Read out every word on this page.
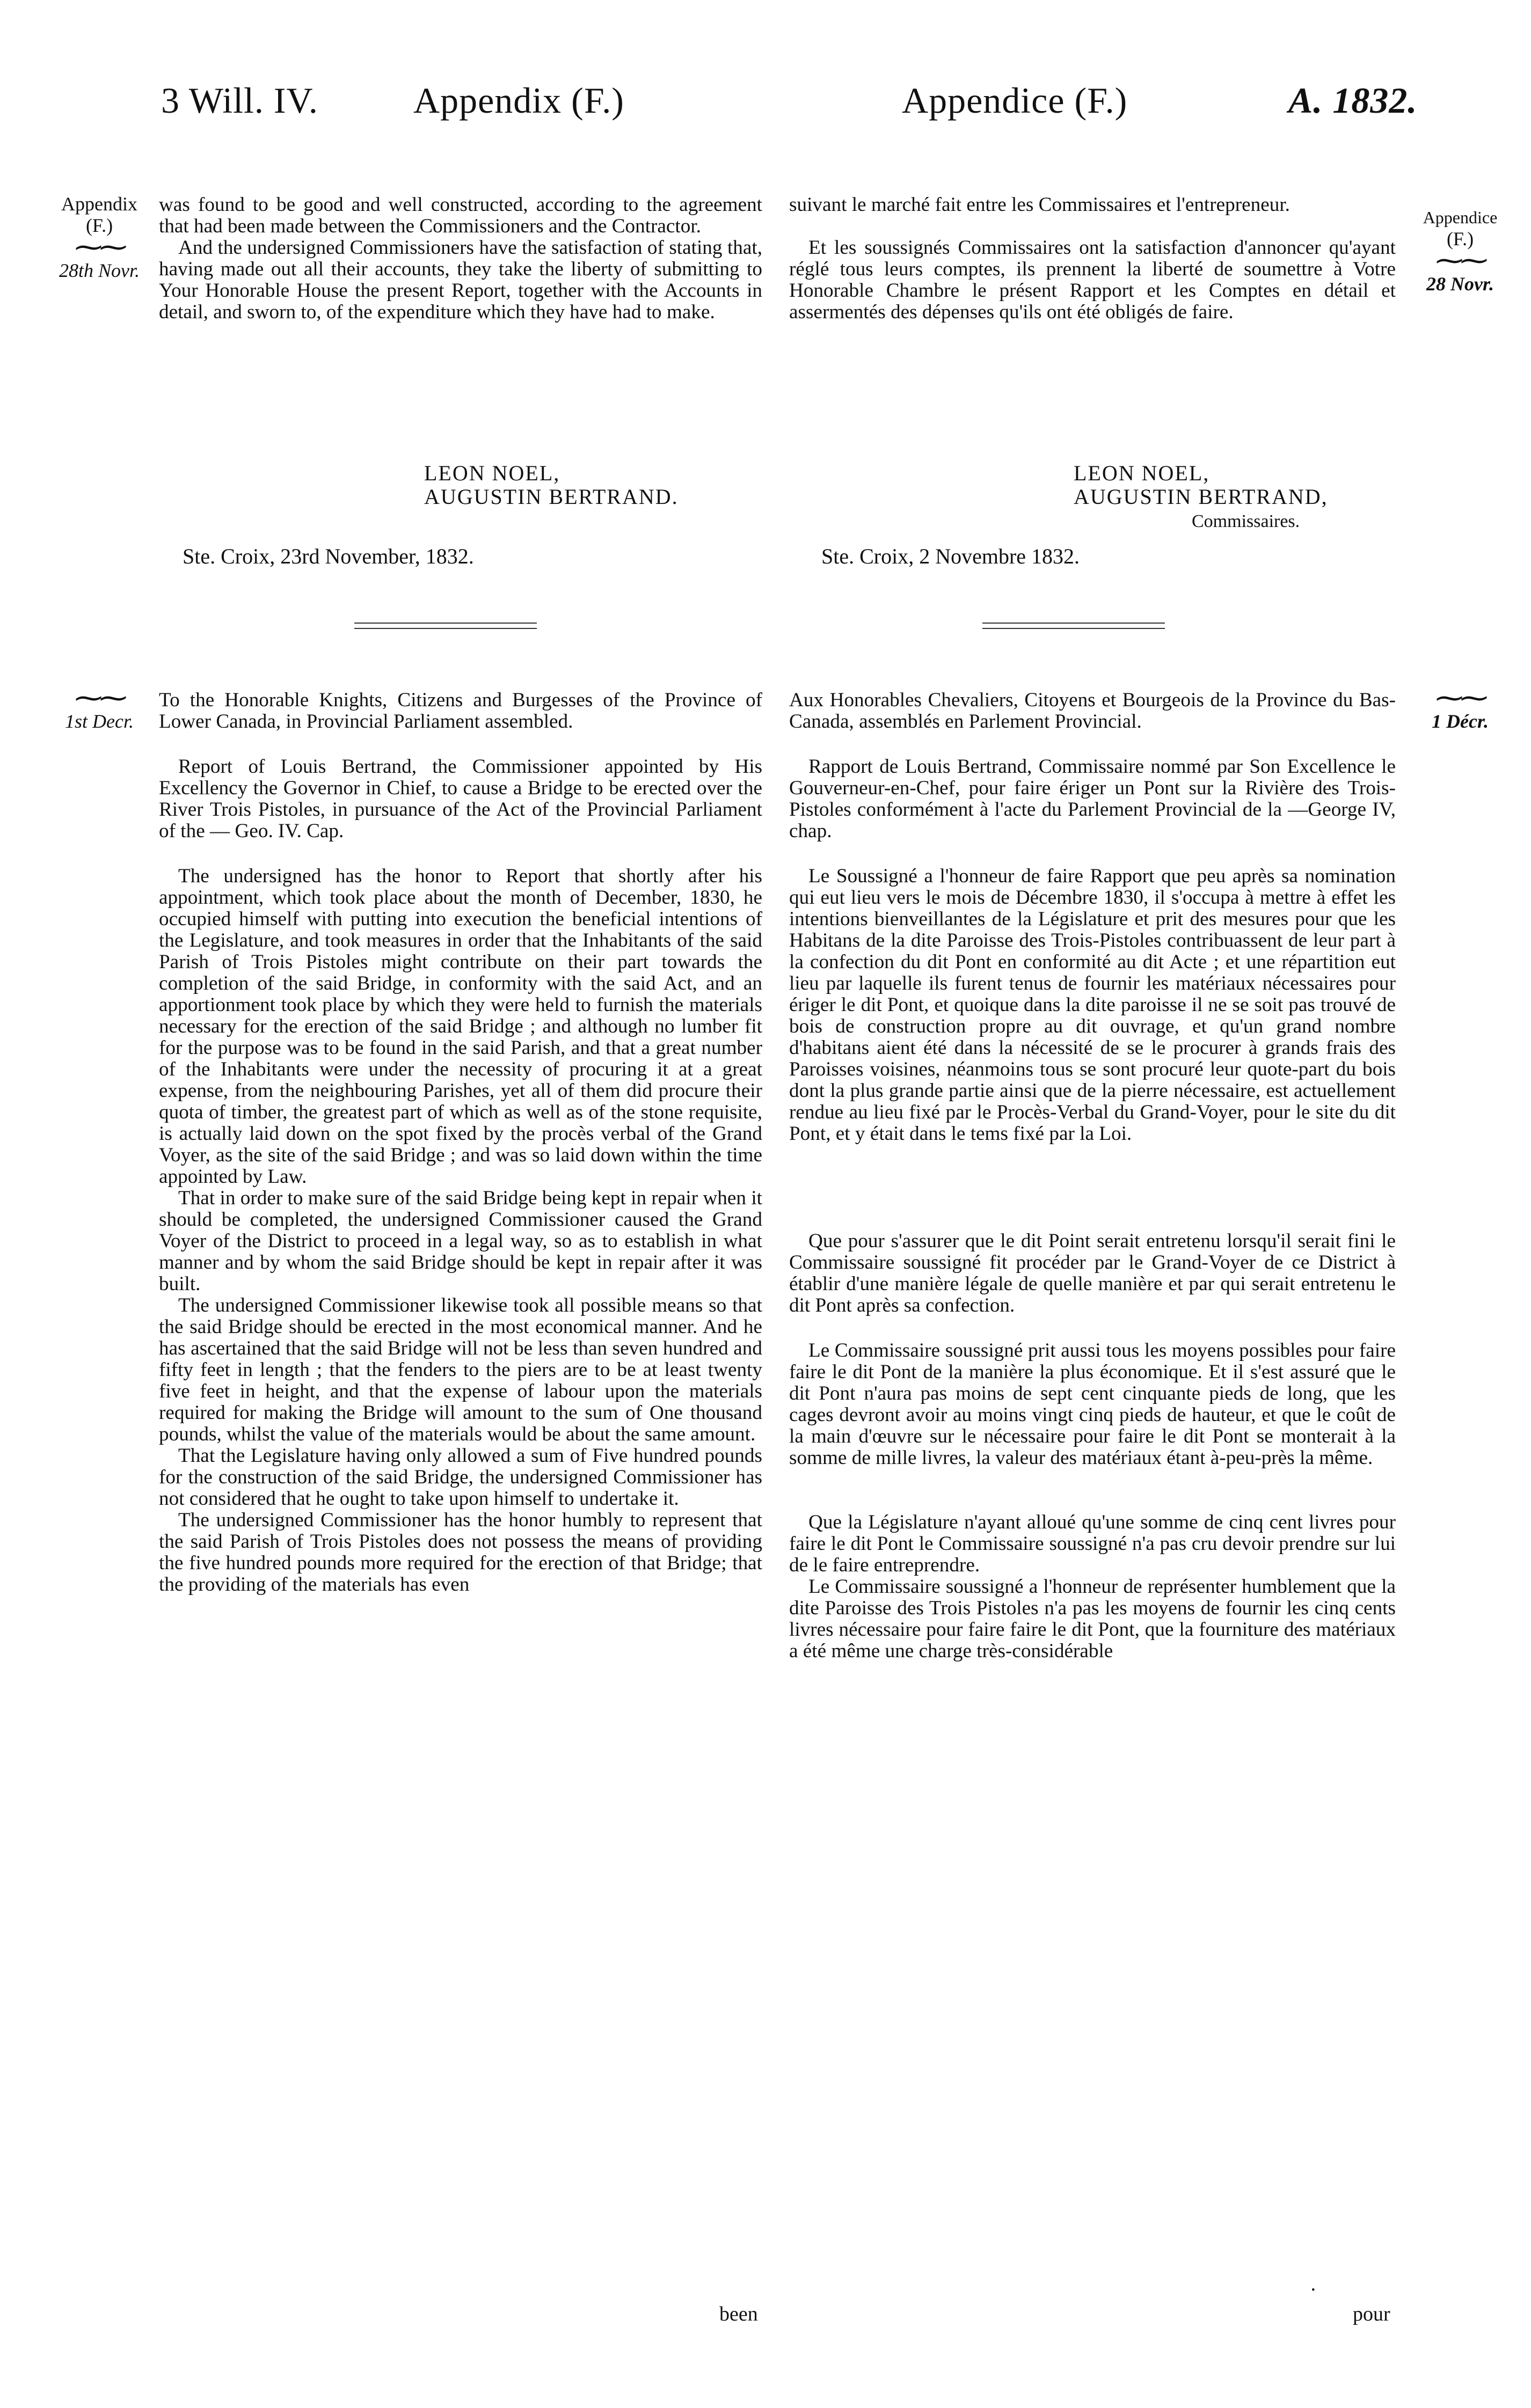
3 Will. IV.	Appendix (F.)	Appendice (F.)	A. 1832.
Appendix
(F.)
⁓⁓
28th Novr.
Appendice
(F.)
⁓⁓
28 Novr.

was found to be good and well constructed, according to the agreement that had been made between the Commissioners and the Contractor.

And the undersigned Commissioners have the satisfaction of stating that, having made out all their accounts, they take the liberty of submitting to Your Honorable House the present Report, together with the Accounts in detail, and sworn to, of the expenditure which they have had to make.

suivant le marché fait entre les Commissaires et l'entrepreneur.

Et les soussignés Commissaires ont la satisfaction d'annoncer qu'ayant réglé tous leurs comptes, ils prennent la liberté de soumettre à Votre Honorable Chambre le présent Rapport et les Comptes en détail et assermentés des dépenses qu'ils ont été obligés de faire.

LEON NOEL,
AUGUSTIN BERTRAND.
LEON NOEL,
AUGUSTIN BERTRAND,
Commissaires.
Ste. Croix, 23rd November, 1832.	Ste. Croix, 2 Novembre 1832.
⁓⁓
1st Decr.
⁓⁓
1 Décr.

To the Honorable Knights, Citizens and Burgesses of the Province of Lower Canada, in Provincial Parliament assembled.

Report of Louis Bertrand, the Commissioner appointed by His Excellency the Governor in Chief, to cause a Bridge to be erected over the River Trois Pistoles, in pursuance of the Act of the Provincial Parliament of the — Geo. IV. Cap.

The undersigned has the honor to Report that shortly after his appointment, which took place about the month of December, 1830, he occupied himself with putting into execution the beneficial intentions of the Legislature, and took measures in order that the Inhabitants of the said Parish of Trois Pistoles might contribute on their part towards the completion of the said Bridge, in conformity with the said Act, and an apportionment took place by which they were held to furnish the materials necessary for the erection of the said Bridge ; and although no lumber fit for the purpose was to be found in the said Parish, and that a great number of the Inhabitants were under the necessity of procuring it at a great expense, from the neighbouring Parishes, yet all of them did procure their quota of timber, the greatest part of which as well as of the stone requisite, is actually laid down on the spot fixed by the procès verbal of the Grand Voyer, as the site of the said Bridge ; and was so laid down within the time appointed by Law.

That in order to make sure of the said Bridge being kept in repair when it should be completed, the undersigned Commissioner caused the Grand Voyer of the District to proceed in a legal way, so as to establish in what manner and by whom the said Bridge should be kept in repair after it was built.

The undersigned Commissioner likewise took all possible means so that the said Bridge should be erected in the most economical manner. And he has ascertained that the said Bridge will not be less than seven hundred and fifty feet in length ; that the fenders to the piers are to be at least twenty five feet in height, and that the expense of labour upon the materials required for making the Bridge will amount to the sum of One thousand pounds, whilst the value of the materials would be about the same amount.

That the Legislature having only allowed a sum of Five hundred pounds for the construction of the said Bridge, the undersigned Commissioner has not considered that he ought to take upon himself to undertake it.

The undersigned Commissioner has the honor humbly to represent that the said Parish of Trois Pistoles does not possess the means of providing the five hundred pounds more required for the erection of that Bridge; that the providing of the materials has even

Aux Honorables Chevaliers, Citoyens et Bourgeois de la Province du Bas-Canada, assemblés en Parlement Provincial.

Rapport de Louis Bertrand, Commissaire nommé par Son Excellence le Gouverneur-en-Chef, pour faire ériger un Pont sur la Rivière des Trois-Pistoles conformément à l'acte du Parlement Provincial de la —George IV, chap.

Le Soussigné a l'honneur de faire Rapport que peu après sa nomination qui eut lieu vers le mois de Décembre 1830, il s'occupa à mettre à effet les intentions bienveillantes de la Législature et prit des mesures pour que les Habitans de la dite Paroisse des Trois-Pistoles contribuassent de leur part à la confection du dit Pont en conformité au dit Acte ; et une répartition eut lieu par laquelle ils furent tenus de fournir les matériaux nécessaires pour ériger le dit Pont, et quoique dans la dite paroisse il ne se soit pas trouvé de bois de construction propre au dit ouvrage, et qu'un grand nombre d'habitans aient été dans la nécessité de se le procurer à grands frais des Paroisses voisines, néanmoins tous se sont procuré leur quote-part du bois dont la plus grande partie ainsi que de la pierre nécessaire, est actuellement rendue au lieu fixé par le Procès-Verbal du Grand-Voyer, pour le site du dit Pont, et y était dans le tems fixé par la Loi.

Que pour s'assurer que le dit Point serait entretenu lorsqu'il serait fini le Commissaire soussigné fit procéder par le Grand-Voyer de ce District à établir d'une manière légale de quelle manière et par qui serait entretenu le dit Pont après sa confection.

Le Commissaire soussigné prit aussi tous les moyens possibles pour faire faire le dit Pont de la manière la plus économique. Et il s'est assuré que le dit Pont n'aura pas moins de sept cent cinquante pieds de long, que les cages devront avoir au moins vingt cinq pieds de hauteur, et que le coût de la main d'œuvre sur le nécessaire pour faire le dit Pont se monterait à la somme de mille livres, la valeur des matériaux étant à-peu-près la même.

Que la Législature n'ayant alloué qu'une somme de cinq cent livres pour faire le dit Pont le Commissaire soussigné n'a pas cru devoir prendre sur lui de le faire entreprendre.

Le Commissaire soussigné a l'honneur de représenter humblement que la dite Paroisse des Trois Pistoles n'a pas les moyens de fournir les cinq cents livres nécessaire pour faire faire le dit Pont, que la fourniture des matériaux a été même une charge très-considérable

been	pour
·
